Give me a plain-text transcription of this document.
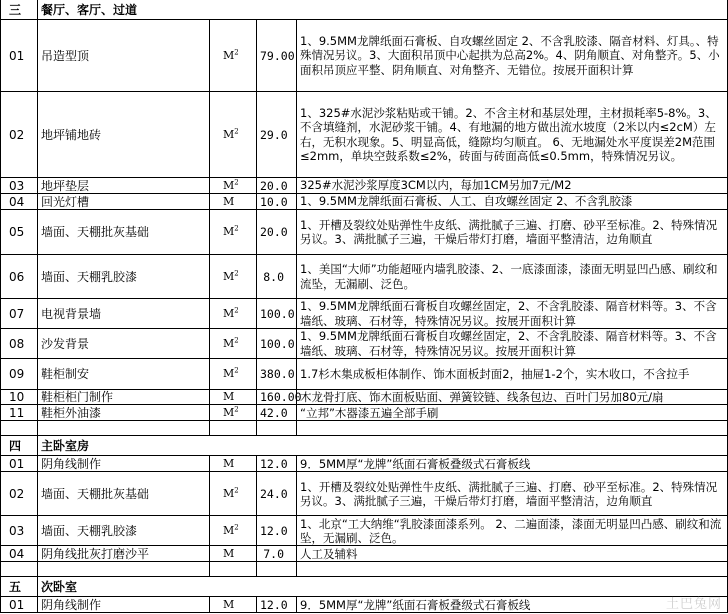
三	餐厅、客厅、过道			
01	吊造型顶	$M^2$	79.00	1、9.5MM龙牌纸面石膏板、自攻螺丝固定 2、不含乳胶漆、隔音材料、灯具。、特殊情况另议。3、大面积吊顶中心起拱为总高2%。4、阴角顺直、对角整齐。5、小面积吊顶应平整、阴角顺直、对角整齐、无错位。按展开面积计算
02	地坪铺地砖	$M^2$	29.0	1、325#水泥沙浆粘贴或干铺。2、不含主材和基层处理，主材损耗率5-8%。3、不含填缝剂，水泥砂浆干铺。4、有地漏的地方做出流水坡度（2米以内≤2cM）左右，无积水现象。5、明显高低，缝隙均匀顺直。 6、无地漏处水平度误差2M范围≤2mm，单块空鼓系数≤2%，砖面与砖面高低≤0.5mm，特殊情况另议。
03	地坪垫层	$M^2$	20.0	325#水泥沙浆厚度3CM以内，每加1CM另加7元/M2
04	回光灯槽	M	10.0	1、9.5MM龙牌纸面石膏板、人工、自攻螺丝固定 2、不含乳胶漆
05	墙面、天棚批灰基础	$M^2$	20.0	1、开槽及裂纹处贴弹性牛皮纸、满批腻子三遍、打磨、砂平至标准。2、特殊情况另议。3、满批腻子三遍，干燥后带灯打磨，墙面平整清洁，边角顺直
06	墙面、天棚乳胶漆	$M^2$	8.0	1、美国“大师”功能超哑内墙乳胶漆、2、一底漆面漆，漆面无明显凹凸感、刷纹和流坠，无漏刷、泛色。
07	电视背景墙	$M^2$	100.0	1、9.5MM龙牌纸面石膏板自攻螺丝固定，2、不含乳胶漆、隔音材料等。3、不含墙纸、玻璃、石材等，特殊情况另议。按展开面积计算
08	沙发背景	$M^2$	100.0	1、9.5MM龙牌纸面石膏板自攻螺丝固定，2、不含乳胶漆、隔音材料等。3、不含墙纸、玻璃、石材等，特殊情况另议。按展开面积计算
09	鞋柜制安	$M^2$	380.0	1.7杉木集成板柜体制作、饰木面板封面2，抽屉1-2个，实木收口，不含拉手
10	鞋柜柜门制作	M	160.00	木龙骨打底、饰木面板贴面、弹簧铰链、线条包边、百叶门另加80元/扇
11	鞋柜外油漆	$M^2$	42.0	“立邦”木器漆五遍全部手刷

四	主卧室房			
01	阴角线制作	M	12.0	9．5MM厚“龙牌”纸面石膏板叠级式石膏板线
02	墙面、天棚批灰基础	$M^2$	24.0	1、开槽及裂纹处贴弹性牛皮纸、满批腻子三遍、打磨、砂平至标准。2、特殊情况另议。3、满批腻子三遍，干燥后带灯打磨，墙面平整清洁，边角顺直
03	墙面、天棚乳胶漆	$M^2$	12.0	1、北京“工大纳维“乳胶漆面漆系列。 2、二遍面漆，漆面无明显凹凸感、刷纹和流坠，无漏刷、泛色。
04	阴角线批灰打磨沙平	M	7.0	人工及辅料

五	次卧室			
01	阴角线制作	M	12.0	9．5MM厚“龙牌”纸面石膏板叠级式石膏板线	土巴兔网
